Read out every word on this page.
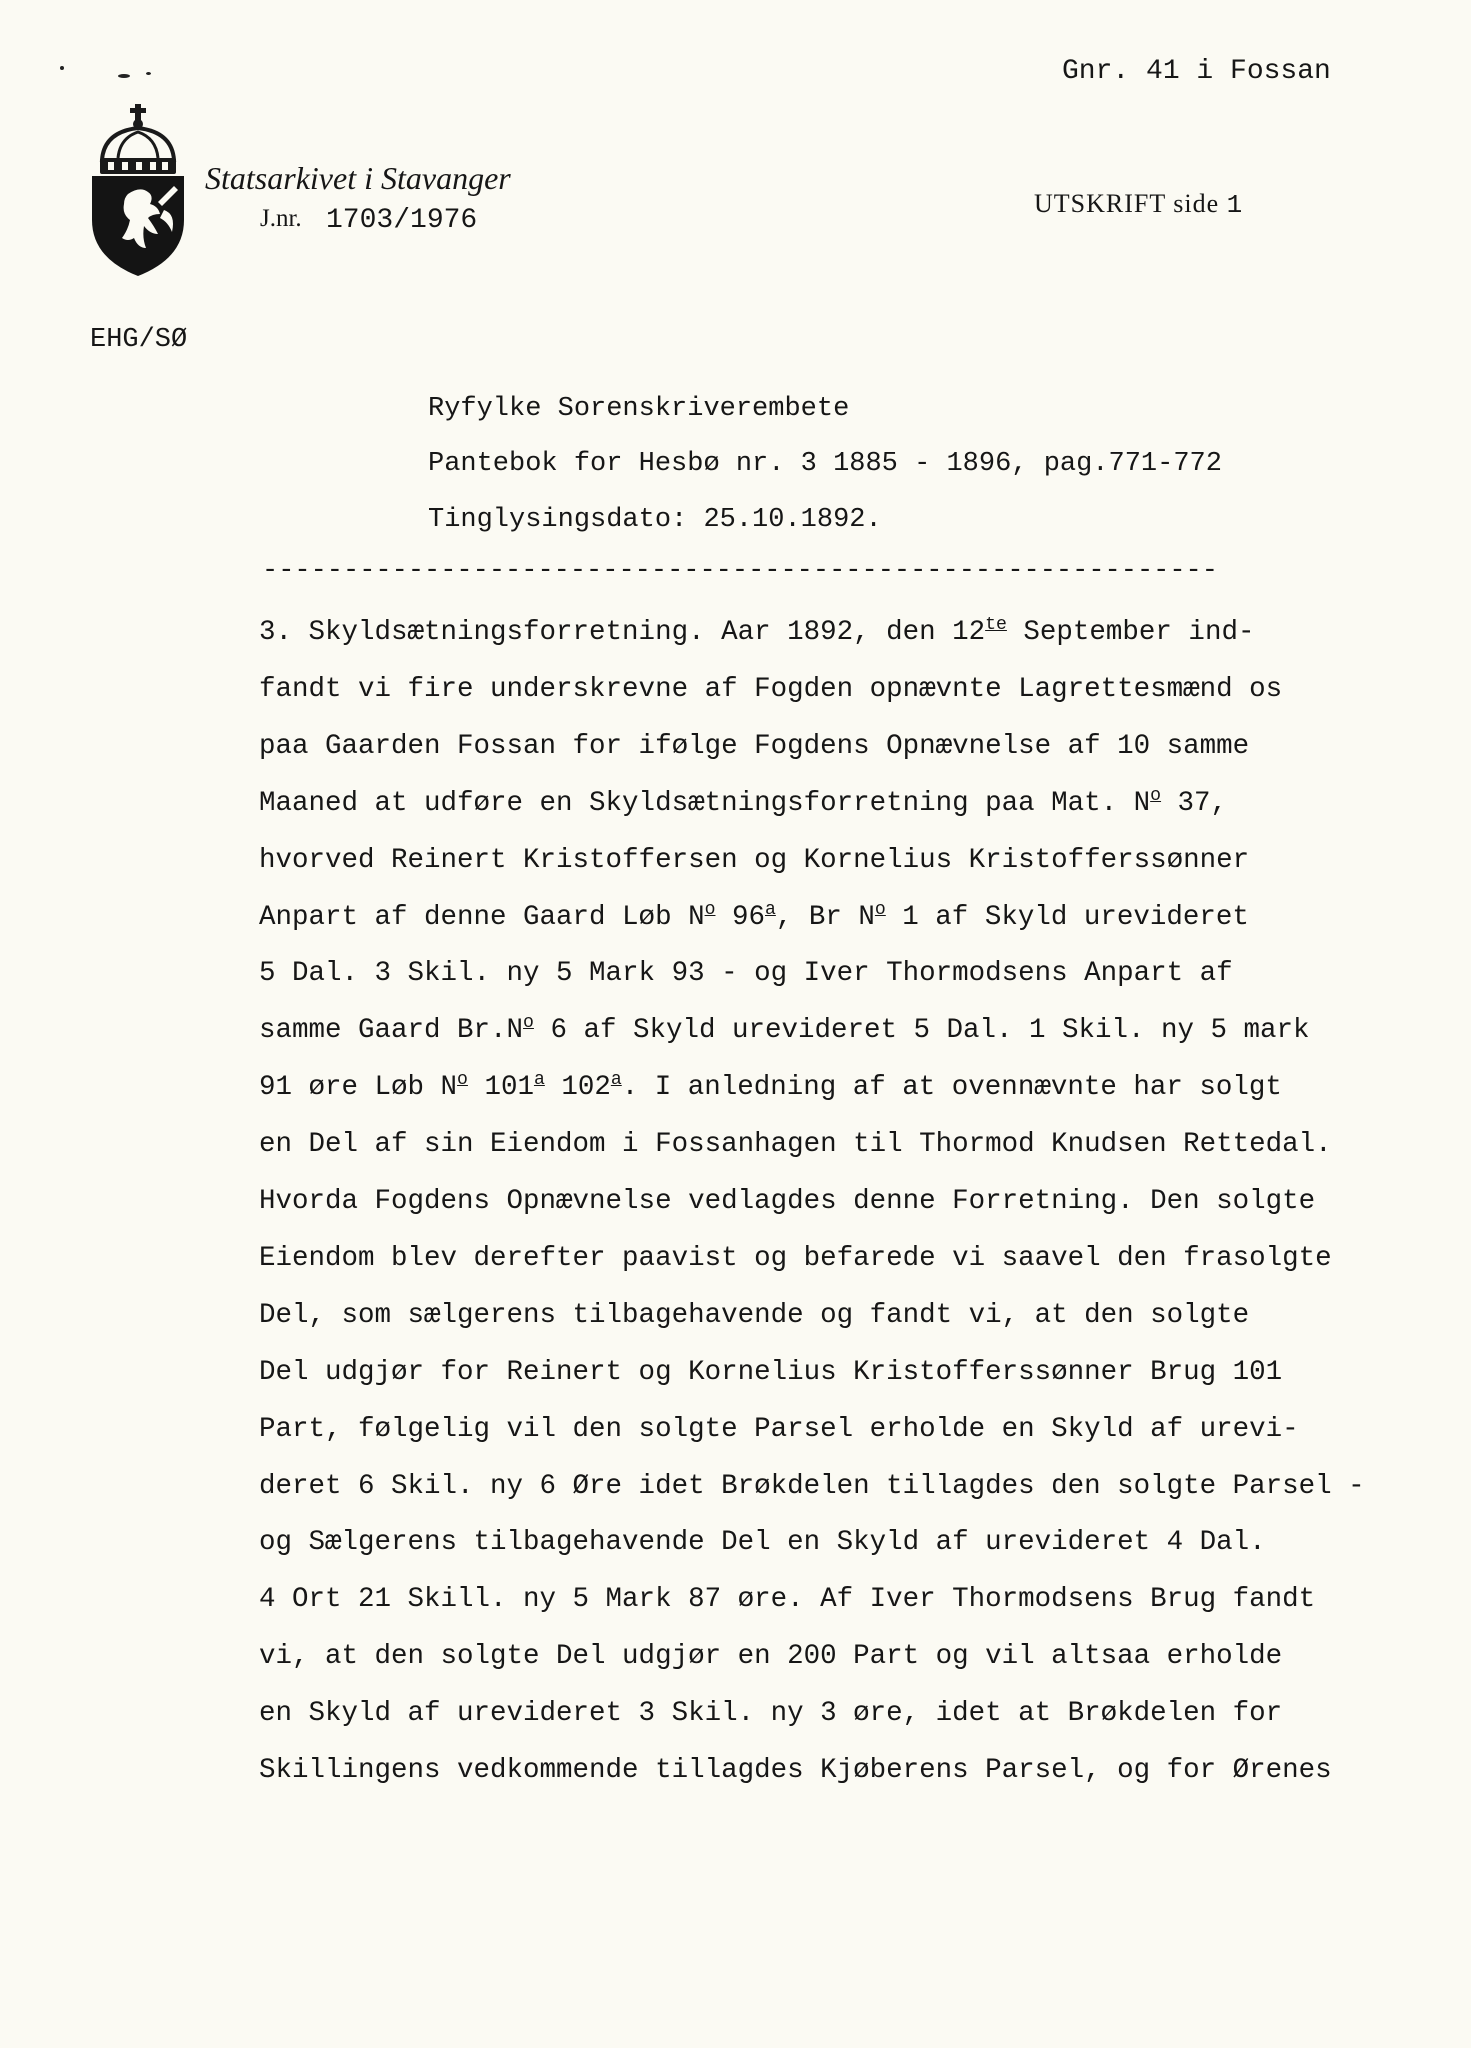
Statsarkivet i Stavanger
J.nr. 1703/1976
Gnr. 41 i Fossan
UTSKRIFT side 1
EHG/SØ
Ryfylke Sorenskriverembete
Pantebok for Hesbø nr. 3 1885 - 1896, pag.771-772
Tinglysingsdato: 25.10.1892.
-----------------------------------------------------------
3. Skyldsætningsforretning. Aar 1892, den $12^{te}$ September ind-
fandt vi fire underskrevne af Fogden opnævnte Lagrettesmænd os
paa Gaarden Fossan for ifølge Fogdens Opnævnelse af 10 samme
Maaned at udføre en Skyldsætningsforretning paa Mat. $N^o$ 37,
hvorved Reinert Kristoffersen og Kornelius Kristofferssønner
Anpart af denne Gaard Løb $N^o$ 96$^a$, Br $N^o$ 1 af Skyld urevideret
5 Dal. 3 Skil. ny 5 Mark 93 - og Iver Thormodsens Anpart af
samme Gaard $Br.N^o$ 6 af Skyld urevideret 5 Dal. 1 Skil. ny 5 mark
91 øre Løb $N^o$ 101$^a$ 102$^a$. I anledning af at ovennævnte har solgt
en Del af sin Eiendom i Fossanhagen til Thormod Knudsen Rettedal.
Hvorda Fogdens Opnævnelse vedlagdes denne Forretning. Den solgte
Eiendom blev derefter paavist og befarede vi saavel den frasolgte
Del, som sælgerens tilbagehavende og fandt vi, at den solgte
Del udgjør for Reinert og Kornelius Kristofferssønner Brug 101
Part, følgelig vil den solgte Parsel erholde en Skyld af urevi-
deret 6 Skil. ny 6 Øre idet Brøkdelen tillagdes den solgte Parsel -
og Sælgerens tilbagehavende Del en Skyld af urevideret 4 Dal.
4 Ort 21 Skill. ny 5 Mark 87 øre. Af Iver Thormodsens Brug fandt
vi, at den solgte Del udgjør en 200 Part og vil altsaa erholde
en Skyld af urevideret 3 Skil. ny 3 øre, idet at Brøkdelen for
Skillingens vedkommende tillagdes Kjøberens Parsel, og for Ørenes
